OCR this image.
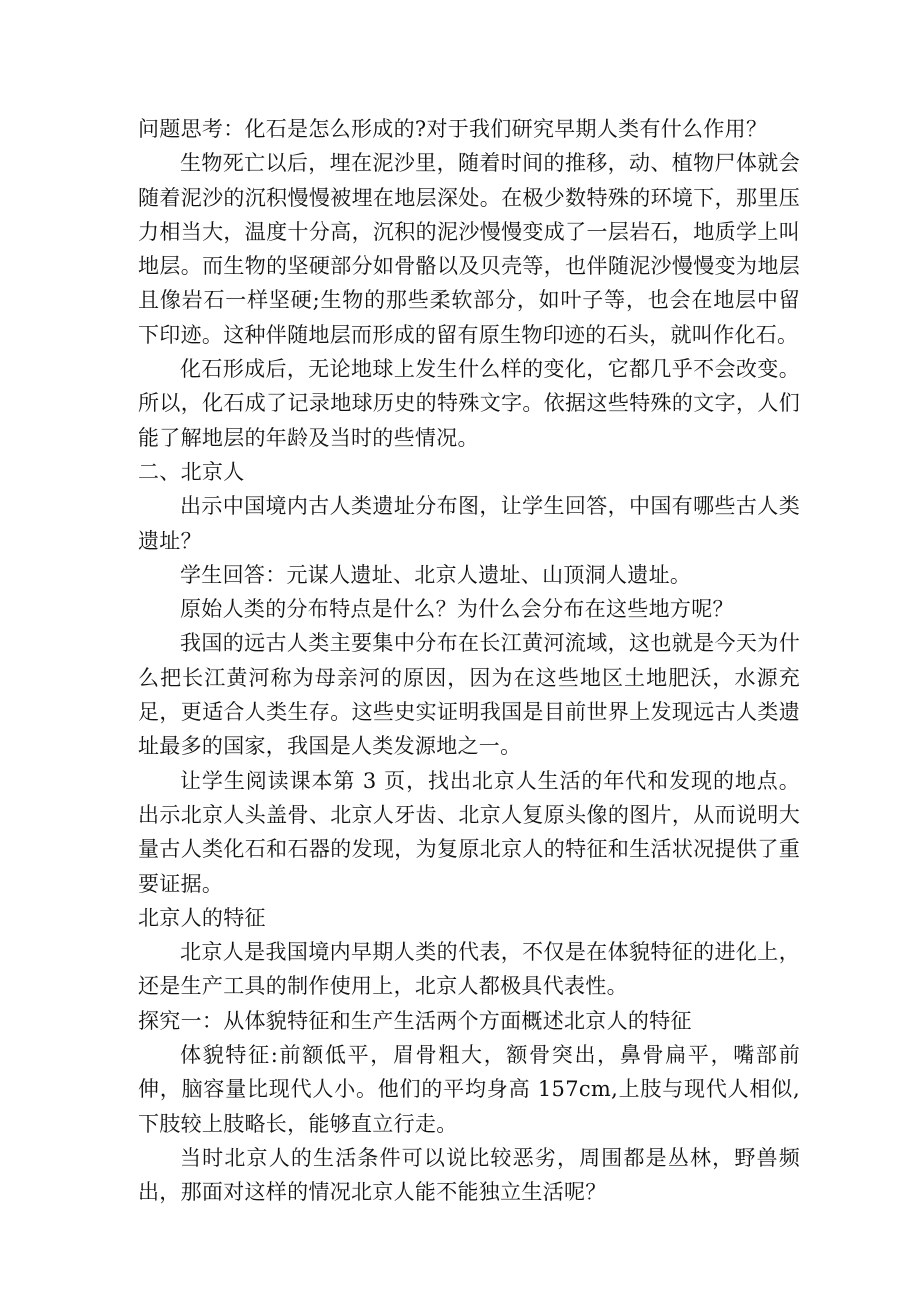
问题思考：化石是怎么形成的?对于我们研究早期人类有什么作用？

生物死亡以后，埋在泥沙里，随着时间的推移，动、植物尸体就会随着泥沙的沉积慢慢被埋在地层深处。在极少数特殊的环境下，那里压力相当大，温度十分高，沉积的泥沙慢慢变成了一层岩石，地质学上叫地层。而生物的坚硬部分如骨骼以及贝壳等，也伴随泥沙慢慢变为地层且像岩石一样坚硬;生物的那些柔软部分，如叶子等，也会在地层中留下印迹。这种伴随地层而形成的留有原生物印迹的石头，就叫作化石。

化石形成后，无论地球上发生什么样的变化，它都几乎不会改变。所以，化石成了记录地球历史的特殊文字。依据这些特殊的文字，人们能了解地层的年龄及当时的些情况。

二、北京人

出示中国境内古人类遗址分布图，让学生回答，中国有哪些古人类遗址？

学生回答：元谋人遗址、北京人遗址、山顶洞人遗址。

原始人类的分布特点是什么？为什么会分布在这些地方呢？

我国的远古人类主要集中分布在长江黄河流域，这也就是今天为什么把长江黄河称为母亲河的原因，因为在这些地区土地肥沃，水源充足，更适合人类生存。这些史实证明我国是目前世界上发现远古人类遗址最多的国家，我国是人类发源地之一。

让学生阅读课本第 3 页，找出北京人生活的年代和发现的地点。出示北京人头盖骨、北京人牙齿、北京人复原头像的图片，从而说明大量古人类化石和石器的发现，为复原北京人的特征和生活状况提供了重要证据。

北京人的特征

北京人是我国境内早期人类的代表，不仅是在体貌特征的进化上，还是生产工具的制作使用上，北京人都极具代表性。

探究一：从体貌特征和生产生活两个方面概述北京人的特征

体貌特征:前额低平，眉骨粗大，额骨突出，鼻骨扁平，嘴部前伸，脑容量比现代人小。他们的平均身高 157cm,上肢与现代人相似,下肢较上肢略长，能够直立行走。

当时北京人的生活条件可以说比较恶劣，周围都是丛林，野兽频出，那面对这样的情况北京人能不能独立生活呢？
